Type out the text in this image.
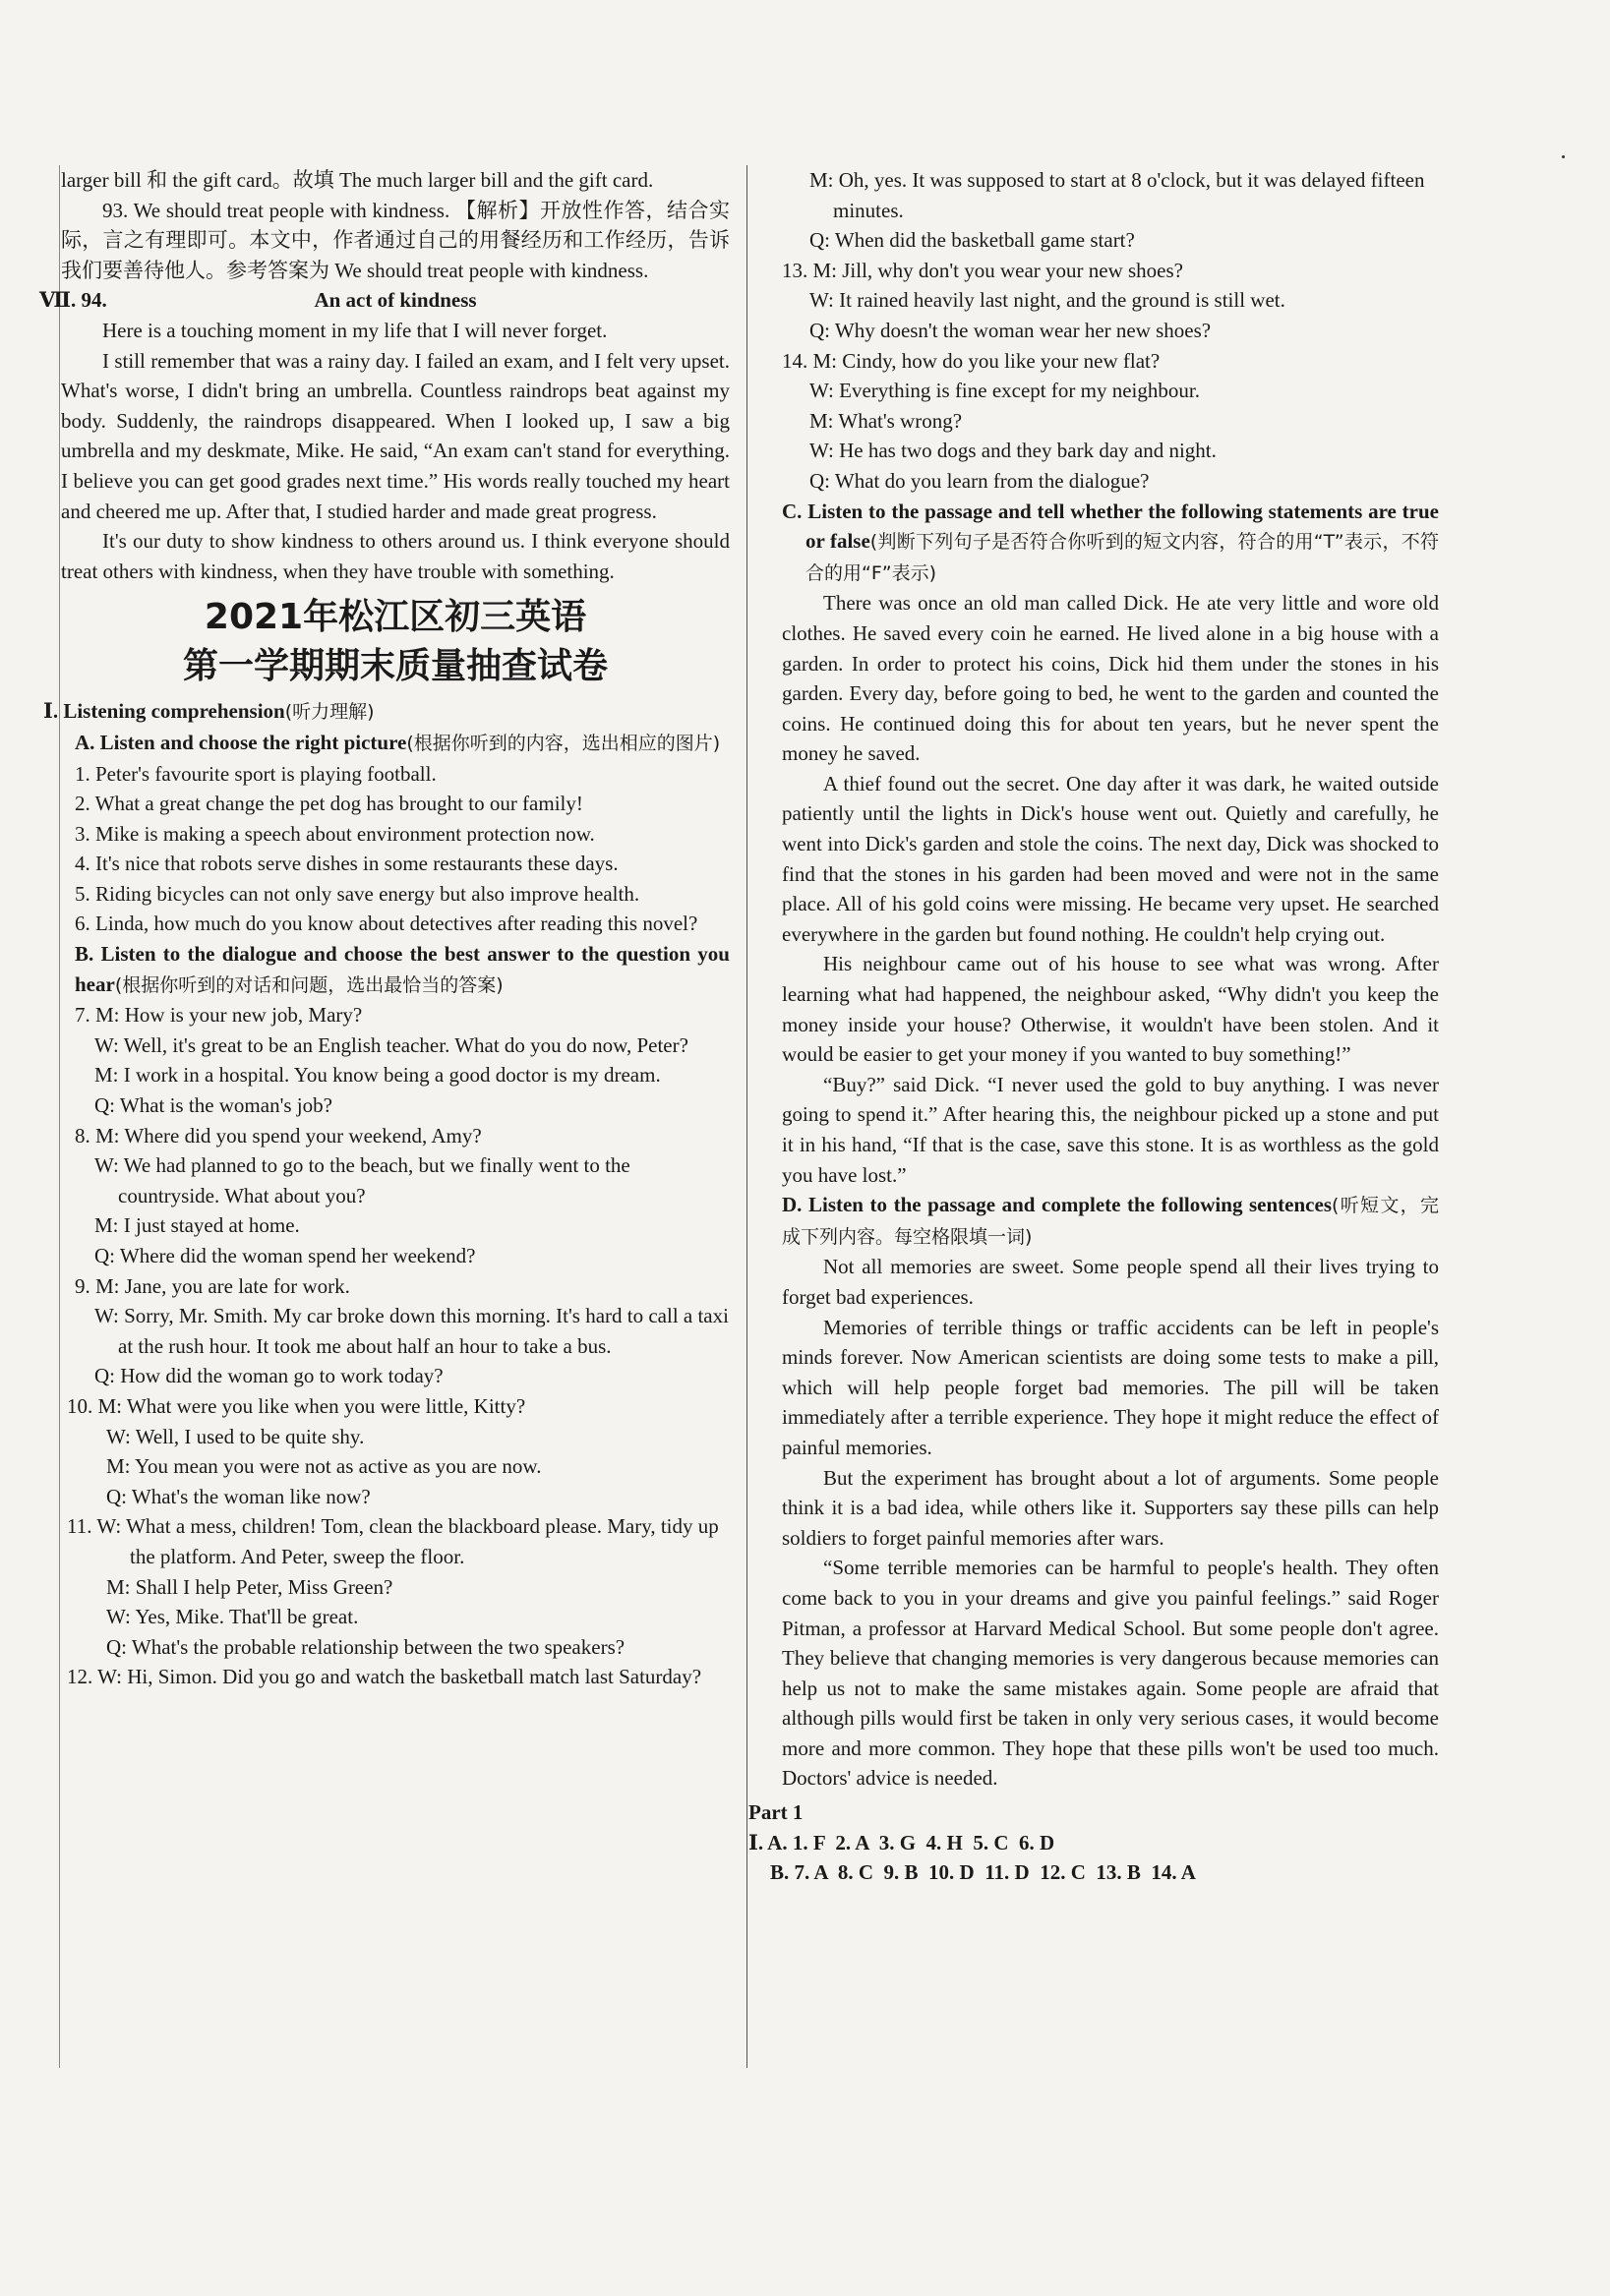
larger bill 和 the gift card。故填 The much larger bill and the gift card.

93. We should treat people with kindness. 【解析】开放性作答，结合实际，言之有理即可。本文中，作者通过自己的用餐经历和工作经历，告诉我们要善待他人。参考答案为 We should treat people with kindness.

Ⅶ. 94.	An act of kindness

Here is a touching moment in my life that I will never forget.

I still remember that was a rainy day. I failed an exam, and I felt very upset. What's worse, I didn't bring an umbrella. Countless raindrops beat against my body. Suddenly, the raindrops disappeared. When I looked up, I saw a big umbrella and my deskmate, Mike. He said, “An exam can't stand for everything. I believe you can get good grades next time.” His words really touched my heart and cheered me up. After that, I studied harder and made great progress.

It's our duty to show kindness to others around us. I think everyone should treat others with kindness, when they have trouble with something.

2021年松江区初三英语

第一学期期末质量抽查试卷

Ⅰ. Listening comprehension(听力理解)

A. Listen and choose the right picture(根据你听到的内容，选出相应的图片)

1. Peter's favourite sport is playing football.

2. What a great change the pet dog has brought to our family!

3. Mike is making a speech about environment protection now.

4. It's nice that robots serve dishes in some restaurants these days.

5. Riding bicycles can not only save energy but also improve health.

6. Linda, how much do you know about detectives after reading this novel?

B. Listen to the dialogue and choose the best answer to the question you hear(根据你听到的对话和问题，选出最恰当的答案)

7. M: How is your new job, Mary?

W: Well, it's great to be an English teacher. What do you do now, Peter?

M: I work in a hospital. You know being a good doctor is my dream.

Q: What is the woman's job?

8. M: Where did you spend your weekend, Amy?

W: We had planned to go to the beach, but we finally went to the countryside. What about you?

M: I just stayed at home.

Q: Where did the woman spend her weekend?

9. M: Jane, you are late for work.

W: Sorry, Mr. Smith. My car broke down this morning. It's hard to call a taxi at the rush hour. It took me about half an hour to take a bus.

Q: How did the woman go to work today?

10. M: What were you like when you were little, Kitty?

W: Well, I used to be quite shy.

M: You mean you were not as active as you are now.

Q: What's the woman like now?

11. W: What a mess, children! Tom, clean the blackboard please. Mary, tidy up the platform. And Peter, sweep the floor.

M: Shall I help Peter, Miss Green?

W: Yes, Mike. That'll be great.

Q: What's the probable relationship between the two speakers?

12. W: Hi, Simon. Did you go and watch the basketball match last Saturday?

M: Oh, yes. It was supposed to start at 8 o'clock, but it was delayed fifteen minutes.

Q: When did the basketball game start?

13. M: Jill, why don't you wear your new shoes?

W: It rained heavily last night, and the ground is still wet.

Q: Why doesn't the woman wear her new shoes?

14. M: Cindy, how do you like your new flat?

W: Everything is fine except for my neighbour.

M: What's wrong?

W: He has two dogs and they bark day and night.

Q: What do you learn from the dialogue?

C. Listen to the passage and tell whether the following statements are true or false(判断下列句子是否符合你听到的短文内容，符合的用“T”表示，不符合的用“F”表示)

There was once an old man called Dick. He ate very little and wore old clothes. He saved every coin he earned. He lived alone in a big house with a garden. In order to protect his coins, Dick hid them under the stones in his garden. Every day, before going to bed, he went to the garden and counted the coins. He continued doing this for about ten years, but he never spent the money he saved.

A thief found out the secret. One day after it was dark, he waited outside patiently until the lights in Dick's house went out. Quietly and carefully, he went into Dick's garden and stole the coins. The next day, Dick was shocked to find that the stones in his garden had been moved and were not in the same place. All of his gold coins were missing. He became very upset. He searched everywhere in the garden but found nothing. He couldn't help crying out.

His neighbour came out of his house to see what was wrong. After learning what had happened, the neighbour asked, “Why didn't you keep the money inside your house? Otherwise, it wouldn't have been stolen. And it would be easier to get your money if you wanted to buy something!”

“Buy?” said Dick. “I never used the gold to buy anything. I was never going to spend it.” After hearing this, the neighbour picked up a stone and put it in his hand, “If that is the case, save this stone. It is as worthless as the gold you have lost.”

D. Listen to the passage and complete the following sentences(听短文，完成下列内容。每空格限填一词)

Not all memories are sweet. Some people spend all their lives trying to forget bad experiences.

Memories of terrible things or traffic accidents can be left in people's minds forever. Now American scientists are doing some tests to make a pill, which will help people forget bad memories. The pill will be taken immediately after a terrible experience. They hope it might reduce the effect of painful memories.

But the experiment has brought about a lot of arguments. Some people think it is a bad idea, while others like it. Supporters say these pills can help soldiers to forget painful memories after wars.

“Some terrible memories can be harmful to people's health. They often come back to you in your dreams and give you painful feelings.” said Roger Pitman, a professor at Harvard Medical School. But some people don't agree. They believe that changing memories is very dangerous because memories can help us not to make the same mistakes again. Some people are afraid that although pills would first be taken in only very serious cases, it would become more and more common. They hope that these pills won't be used too much. Doctors' advice is needed.

Part 1

Ⅰ. A. 1. F  2. A  3. G  4. H  5. C  6. D

B. 7. A  8. C  9. B  10. D  11. D  12. C  13. B  14. A
